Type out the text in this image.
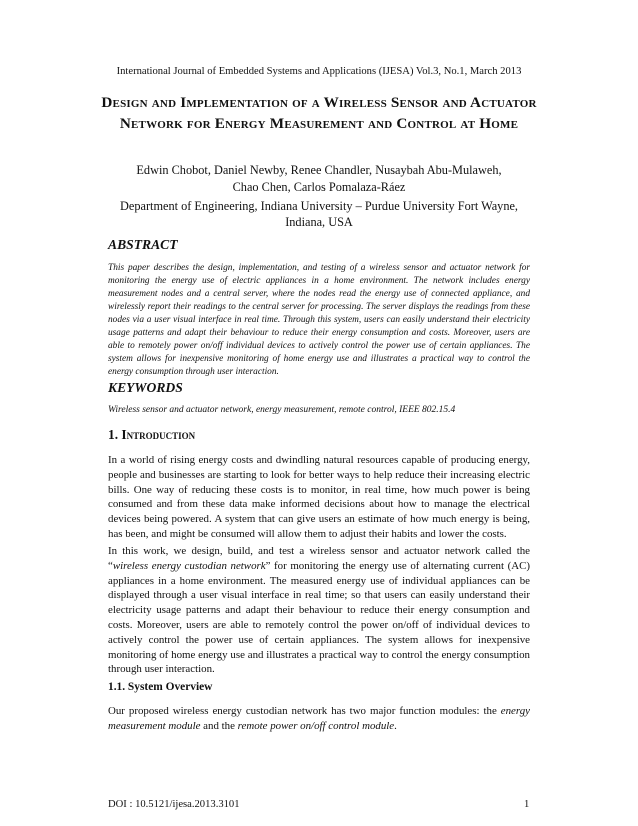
International Journal of Embedded Systems and Applications (IJESA) Vol.3, No.1, March 2013
Design and Implementation of a Wireless Sensor and Actuator Network for Energy Measurement and Control at Home
Edwin Chobot, Daniel Newby, Renee Chandler, Nusaybah Abu-Mulaweh,
Chao Chen, Carlos Pomalaza-Ráez
Department of Engineering, Indiana University – Purdue University Fort Wayne, Indiana, USA
ABSTRACT
This paper describes the design, implementation, and testing of a wireless sensor and actuator network for monitoring the energy use of electric appliances in a home environment. The network includes energy measurement nodes and a central server, where the nodes read the energy use of connected appliance, and wirelessly report their readings to the central server for processing. The server displays the readings from these nodes via a user visual interface in real time. Through this system, users can easily understand their electricity usage patterns and adapt their behaviour to reduce their energy consumption and costs. Moreover, users are able to remotely power on/off individual devices to actively control the power use of certain appliances. The system allows for inexpensive monitoring of home energy use and illustrates a practical way to control the energy consumption through user interaction.
KEYWORDS
Wireless sensor and actuator network, energy measurement, remote control, IEEE 802.15.4
1. Introduction
In a world of rising energy costs and dwindling natural resources capable of producing energy, people and businesses are starting to look for better ways to help reduce their increasing electric bills. One way of reducing these costs is to monitor, in real time, how much power is being consumed and from these data make informed decisions about how to manage the electrical devices being powered. A system that can give users an estimate of how much energy is being, has been, and might be consumed will allow them to adjust their habits and lower the costs.
In this work, we design, build, and test a wireless sensor and actuator network called the “wireless energy custodian network” for monitoring the energy use of alternating current (AC) appliances in a home environment. The measured energy use of individual appliances can be displayed through a user visual interface in real time; so that users can easily understand their electricity usage patterns and adapt their behaviour to reduce their energy consumption and costs. Moreover, users are able to remotely control the power on/off of individual devices to actively control the power use of certain appliances. The system allows for inexpensive monitoring of home energy use and illustrates a practical way to control the energy consumption through user interaction.
1.1. System Overview
Our proposed wireless energy custodian network has two major function modules: the energy measurement module and the remote power on/off control module.
DOI : 10.5121/ijesa.2013.3101	1
